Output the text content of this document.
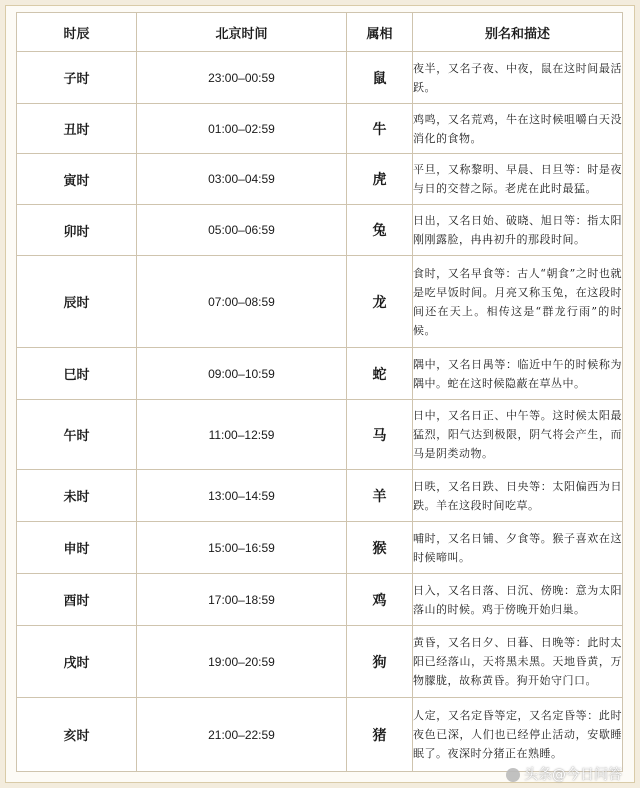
时辰	北京时间	属相	别名和描述
子时	23:00–00:59	鼠	夜半，又名子夜、中夜，鼠在这时间最活跃。
丑时	01:00–02:59	牛	鸡鸣，又名荒鸡，牛在这时候咀嚼白天没消化的食物。
寅时	03:00–04:59	虎	平旦，又称黎明、早晨、日旦等：时是夜与日的交替之际。老虎在此时最猛。
卯时	05:00–06:59	兔	日出，又名日始、破晓、旭日等：指太阳刚刚露脸，冉冉初升的那段时间。
辰时	07:00–08:59	龙	食时，又名早食等：古人“朝食”之时也就是吃早饭时间。月亮又称玉兔，在这段时间还在天上。相传这是“群龙行雨”的时候。
巳时	09:00–10:59	蛇	隅中，又名日禺等：临近中午的时候称为隅中。蛇在这时候隐蔽在草丛中。
午时	11:00–12:59	马	日中，又名日正、中午等。这时候太阳最猛烈，阳气达到极限，阴气将会产生，而马是阴类动物。
未时	13:00–14:59	羊	日昳，又名日跌、日央等：太阳偏西为日跌。羊在这段时间吃草。
申时	15:00–16:59	猴	哺时，又名日铺、夕食等。猴子喜欢在这时候啼叫。
酉时	17:00–18:59	鸡	日入，又名日落、日沉、傍晚：意为太阳落山的时候。鸡于傍晚开始归巢。
戌时	19:00–20:59	狗	黄昏，又名日夕、日暮、日晚等：此时太阳已经落山，天将黑未黑。天地昏黄，万物朦胧，故称黄昏。狗开始守门口。
亥时	21:00–22:59	猪	人定，又名定昏等定，又名定昏等：此时夜色已深，人们也已经停止活动，安歇睡眠了。夜深时分猪正在熟睡。
头条@今日问答
